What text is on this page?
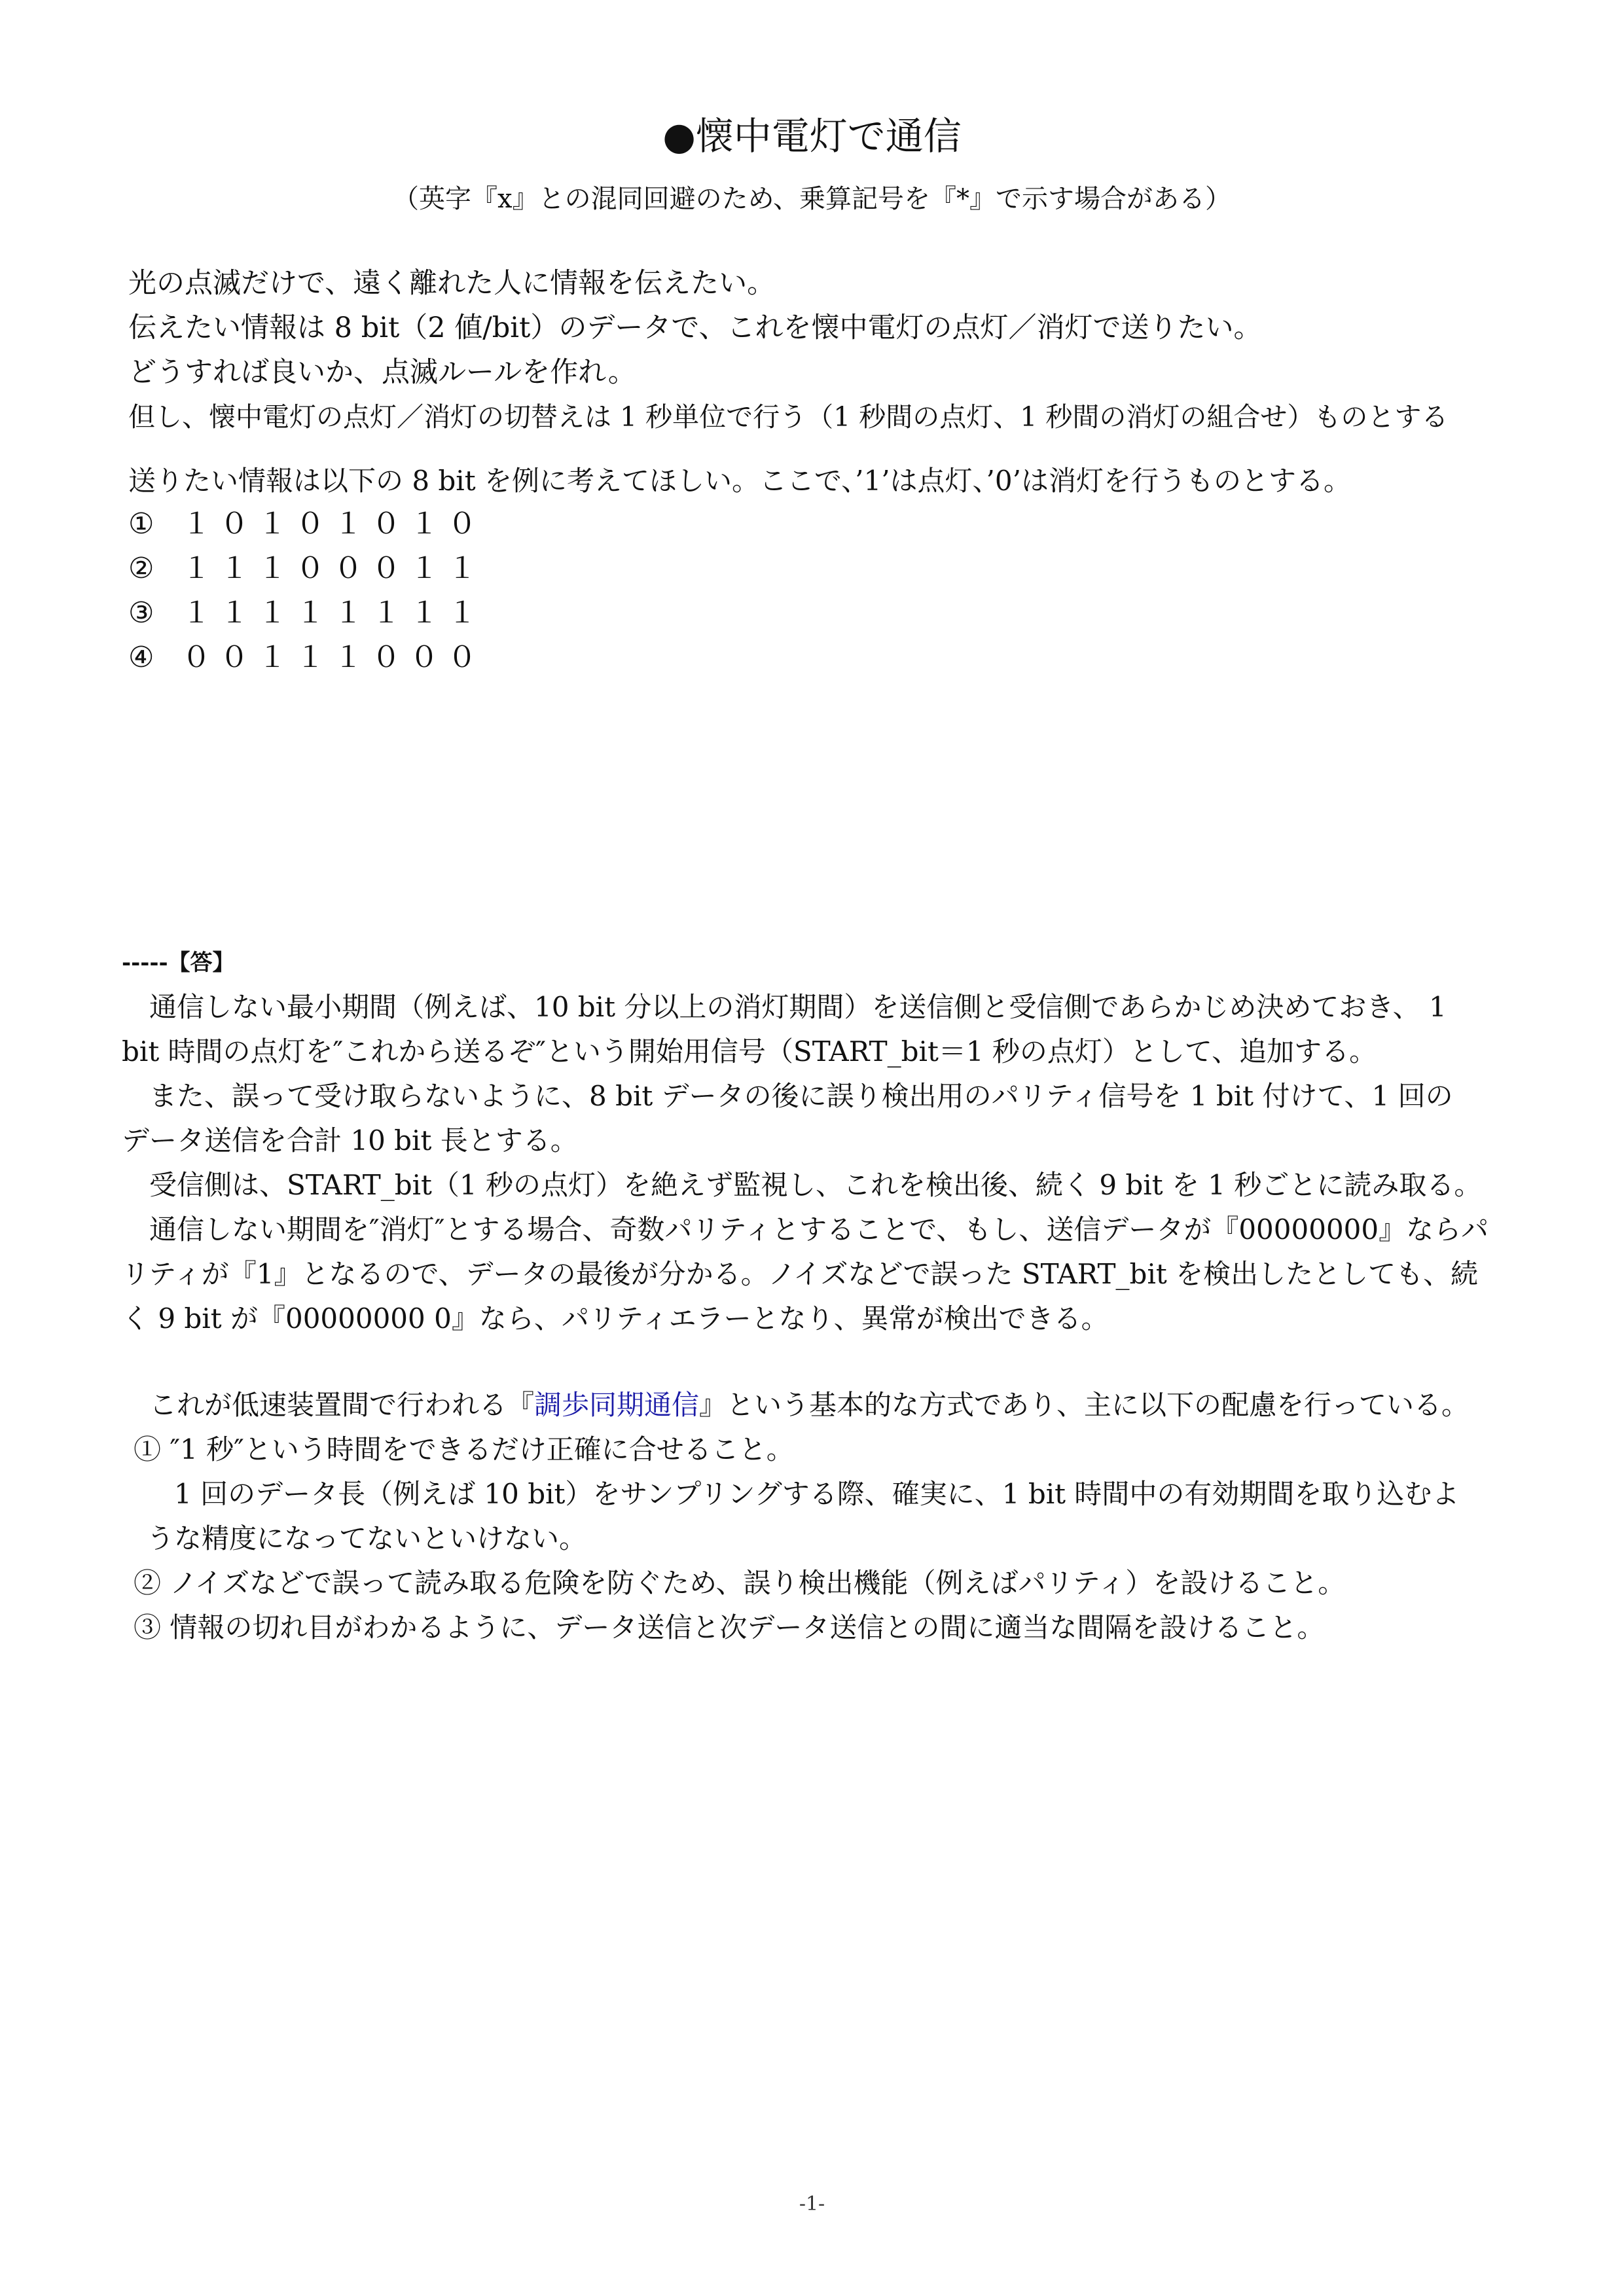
●懐中電灯で通信
（英字『x』との混同回避のため、乗算記号を『*』で示す場合がある）
光の点滅だけで、遠く離れた人に情報を伝えたい。
伝えたい情報は 8 bit（2 値/bit）のデータで、これを懐中電灯の点灯／消灯で送りたい。
どうすれば良いか、点滅ルールを作れ。
但し、懐中電灯の点灯／消灯の切替えは 1 秒単位で行う（1 秒間の点灯、1 秒間の消灯の組合せ）ものとする
送りたい情報は以下の 8 bit を例に考えてほしい。ここで、’1’は点灯、’0’は消灯を行うものとする。
① １０１０１０１０
② １１１０００１１
③ １１１１１１１１
④ ００１１１０００
-----【答】
　通信しない最小期間（例えば、10 bit 分以上の消灯期間）を送信側と受信側であらかじめ決めておき、 1
bit 時間の点灯を″これから送るぞ″という開始用信号（START_bit＝1 秒の点灯）として、追加する。
　また、誤って受け取らないように、8 bit データの後に誤り検出用のパリティ信号を 1 bit 付けて、1 回の
データ送信を合計 10 bit 長とする。
　受信側は、START_bit（1 秒の点灯）を絶えず監視し、これを検出後、続く 9 bit を 1 秒ごとに読み取る。
　通信しない期間を″消灯″とする場合、奇数パリティとすることで、もし、送信データが『00000000』ならパ
リティが『1』となるので、データの最後が分かる。ノイズなどで誤った START_bit を検出したとしても、続
く 9 bit が『00000000 0』なら、パリティエラーとなり、異常が検出できる。
　これが低速装置間で行われる『調歩同期通信』という基本的な方式であり、主に以下の配慮を行っている。
① ″1 秒″という時間をできるだけ正確に合せること。
　1 回のデータ長（例えば 10 bit）をサンプリングする際、確実に、1 bit 時間中の有効期間を取り込むよ
うな精度になってないといけない。
② ノイズなどで誤って読み取る危険を防ぐため、誤り検出機能（例えばパリティ）を設けること。
③ 情報の切れ目がわかるように、データ送信と次データ送信との間に適当な間隔を設けること。
-1-
